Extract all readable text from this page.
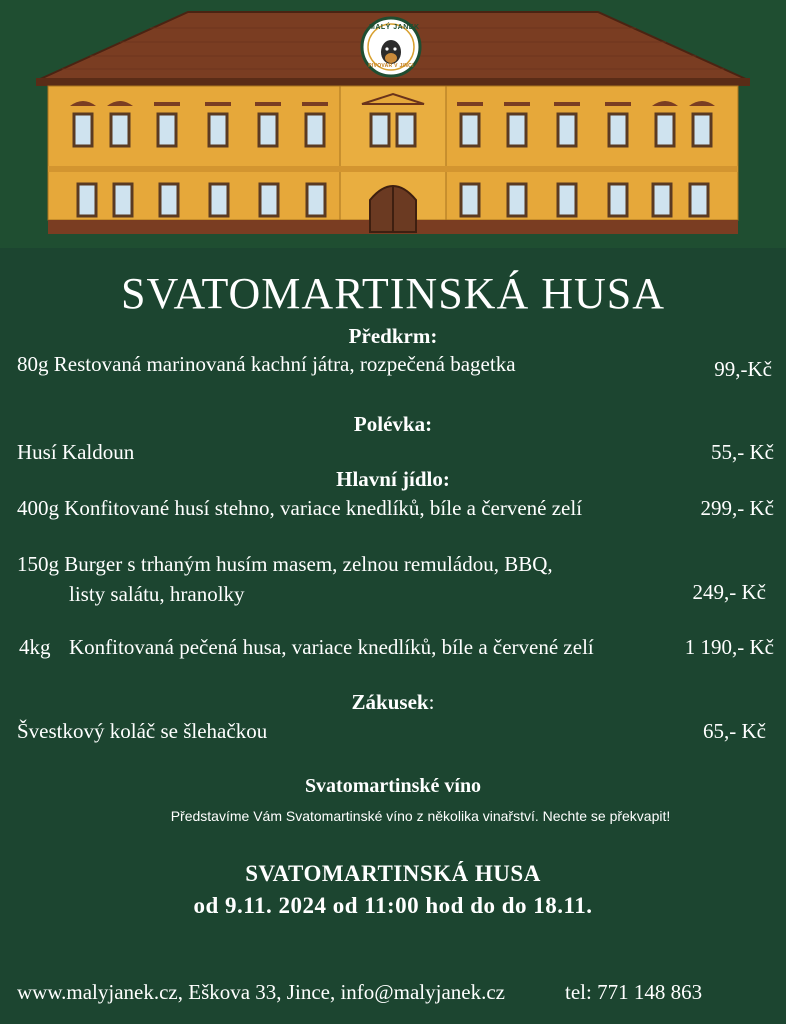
MALÝ JANEK
PIVOVAR V JINCI
SVATOMARTINSKÁ HUSA
Předkrm:
80g Restovaná marinovaná kachní játra, rozpečená bagetka	99,-Kč
Polévka:
Husí Kaldoun	55,- Kč
Hlavní jídlo:
400g Konfitované husí stehno, variace knedlíků, bíle a červené zelí	299,- Kč
150g Burger s trhaným husím masem, zelnou remuládou, BBQ,
listy salátu, hranolky	249,- Kč
4kg Konfitovaná pečená husa, variace knedlíků, bíle a červené zelí	1 190,- Kč
Zákusek:
Švestkový koláč se šlehačkou	65,- Kč
Svatomartinské víno
Představíme Vám Svatomartinské víno z několika vinařství. Nechte se překvapit!
SVATOMARTINSKÁ HUSA
od 9.11. 2024 od 11:00 hod do do 18.11.
www.malyjanek.cz, Eškova 33, Jince, info@malyjanek.cz	tel: 771 148 863
